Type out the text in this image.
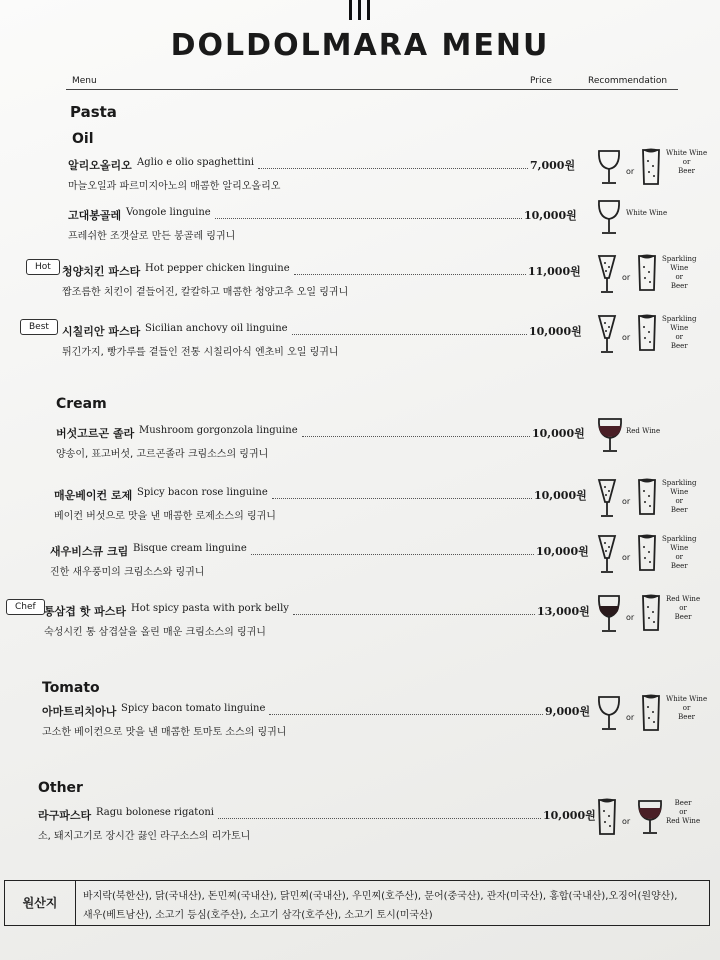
DOLDOLMARA MENU
Menu	Price	Recommendation
Pasta
Oil
Cream
Tomato
Other
알리오올리오 Aglio e olio spaghettini	7,000원
마늘오일과 파르미지아노의 매콤한 알리오올리오
or
White Wine
or
Beer
고대봉골레 Vongole linguine	10,000원
프레쉬한 조갯살로 만든 봉골레 링귀니
White Wine
Hot	청양치킨 파스타 Hot pepper chicken linguine	11,000원
짭조름한 치킨이 곁들어진, 칼칼하고 매콤한 청양고추 오일 링귀니
or
Sparkling
Wine
or
Beer
Best	시칠리안 파스타 Sicilian anchovy oil linguine	10,000원
튀긴가지, 빵가루를 곁들인 전통 시칠리아식 엔초비 오일 링귀니
or
Sparkling
Wine
or
Beer
버섯고르곤 졸라 Mushroom gorgonzola linguine	10,000원
양송이, 표고버섯, 고르곤졸라 크림소스의 링귀니
Red Wine
매운베이컨 로제 Spicy bacon rose linguine	10,000원
베이컨 버섯으로 맛을 낸 매콤한 로제소스의 링귀니
or
Sparkling
Wine
or
Beer
새우비스큐 크림 Bisque cream linguine	10,000원
진한 새우풍미의 크림소스와 링귀니
or
Sparkling
Wine
or
Beer
Chef 통삼겹 핫 파스타 Hot spicy pasta with pork belly	13,000원
숙성시킨 통 삼겹살을 올린 매운 크림소스의 링귀니
or
Red Wine
or
Beer
아마트리치아나 Spicy bacon tomato linguine	9,000원
고소한 베이컨으로 맛을 낸 매콤한 토마토 소스의 링귀니
or
White Wine
or
Beer
라구파스타 Ragu bolonese rigatoni	10,000원
소, 돼지고기로 장시간 끓인 라구소스의 리가토니
or
Beer
or
Red Wine
원산지	바지락(북한산), 닭(국내산), 돈민찌(국내산), 닭민찌(국내산), 우민찌(호주산), 문어(중국산), 관자(미국산), 홍합(국내산),오징어(원양산),
새우(베트남산), 소고기 등심(호주산), 소고기 삼각(호주산), 소고기 토시(미국산)
